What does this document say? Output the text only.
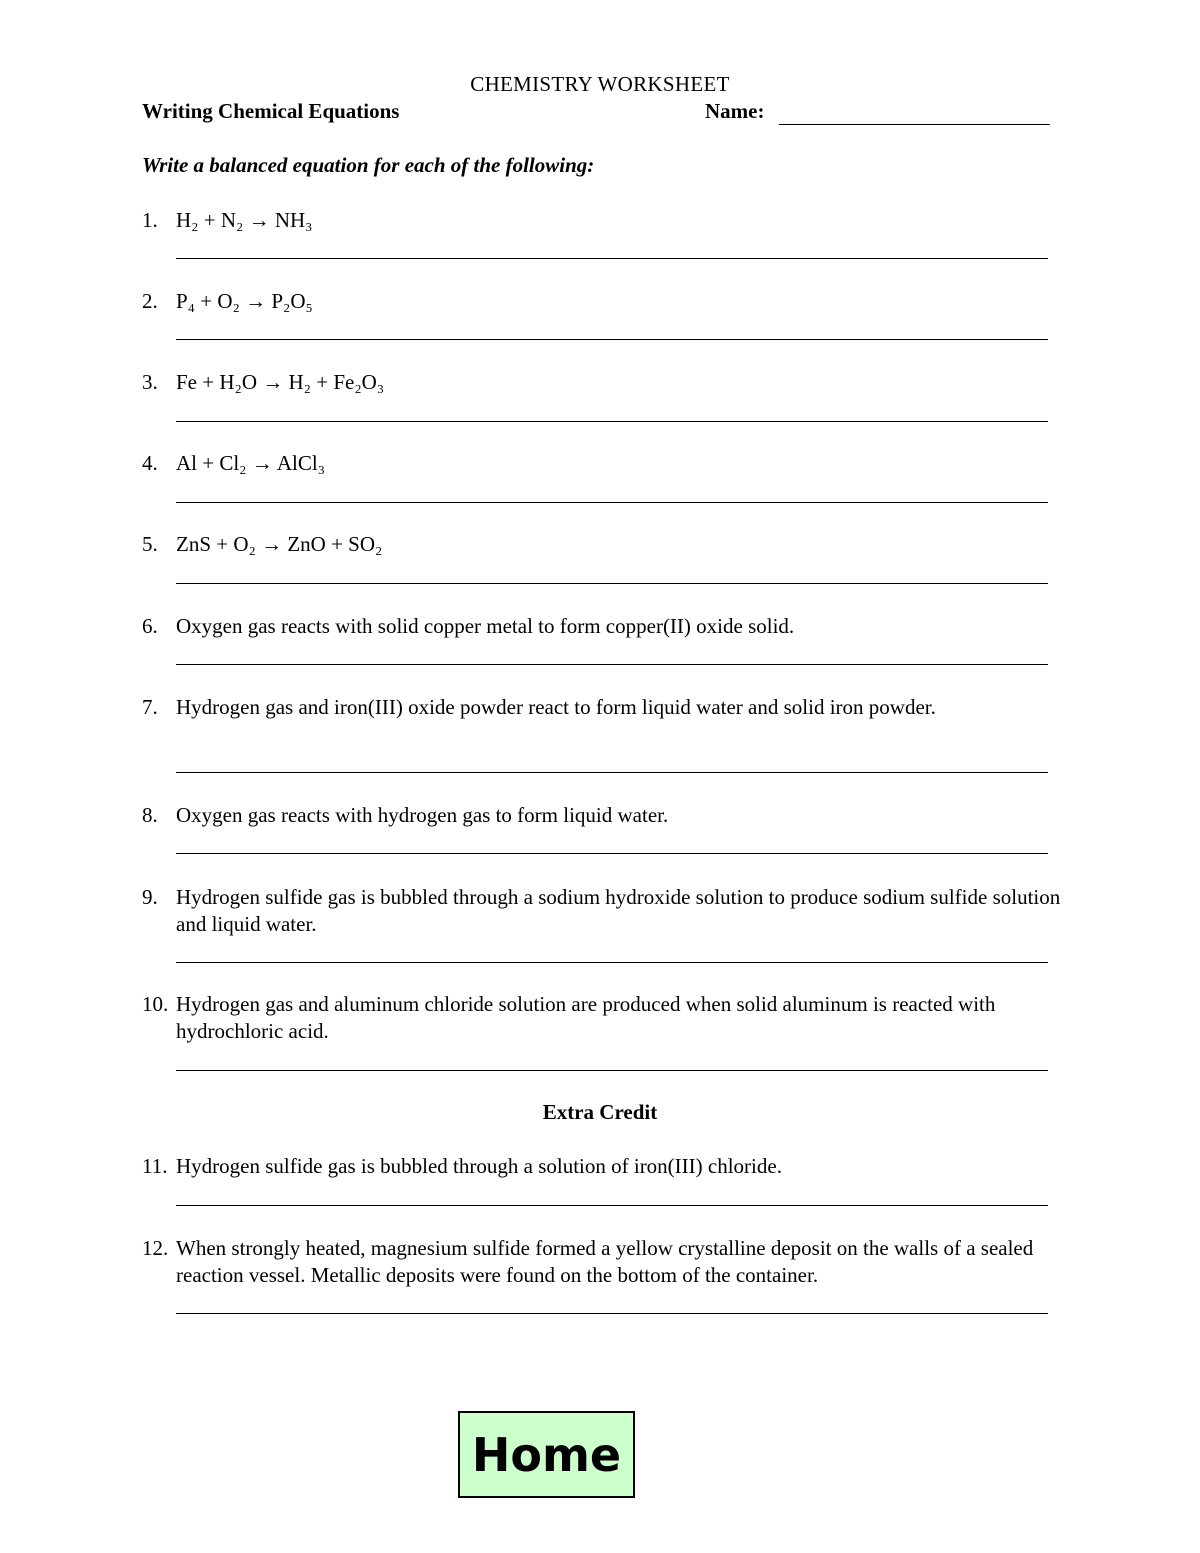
CHEMISTRY WORKSHEET
Writing Chemical Equations	Name:
Write a balanced equation for each of the following:
1. H₂ + N₂ → NH₃
2. P₄ + O₂ → P₂O₅
3. Fe + H₂O → H₂ + Fe₂O₃
4. Al + Cl₂ → AlCl₃
5. ZnS + O₂ → ZnO + SO₂
6. Oxygen gas reacts with solid copper metal to form copper(II) oxide solid.
7. Hydrogen gas and iron(III) oxide powder react to form liquid water and solid iron powder.
8. Oxygen gas reacts with hydrogen gas to form liquid water.
9. Hydrogen sulfide gas is bubbled through a sodium hydroxide solution to produce sodium sulfide solution and liquid water.
10. Hydrogen gas and aluminum chloride solution are produced when solid aluminum is reacted with hydrochloric acid.
Extra Credit
11. Hydrogen sulfide gas is bubbled through a solution of iron(III) chloride.
12. When strongly heated, magnesium sulfide formed a yellow crystalline deposit on the walls of a sealed reaction vessel. Metallic deposits were found on the bottom of the container.
Home
